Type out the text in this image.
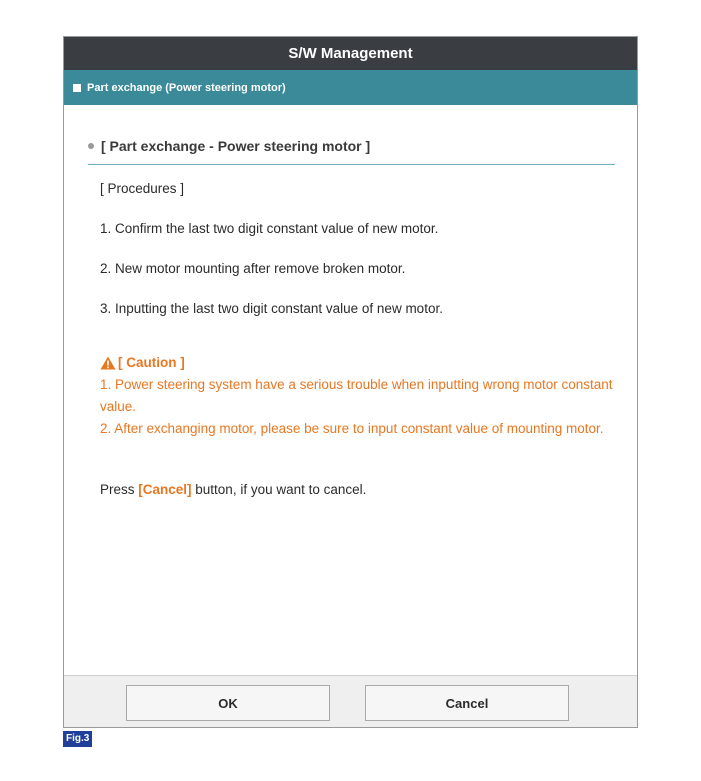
S/W Management
Part exchange (Power steering motor)
[ Part exchange - Power steering motor ]
[ Procedures ]
1. Confirm the last two digit constant value of new motor.
2. New motor mounting after remove broken motor.
3. Inputting the last two digit constant value of new motor.
[ Caution ]
1. Power steering system have a serious trouble when inputting wrong motor constant value.
2. After exchanging motor, please be sure to input constant value of mounting motor.
Press [Cancel] button, if you want to cancel.
OK	Cancel
Fig.3
